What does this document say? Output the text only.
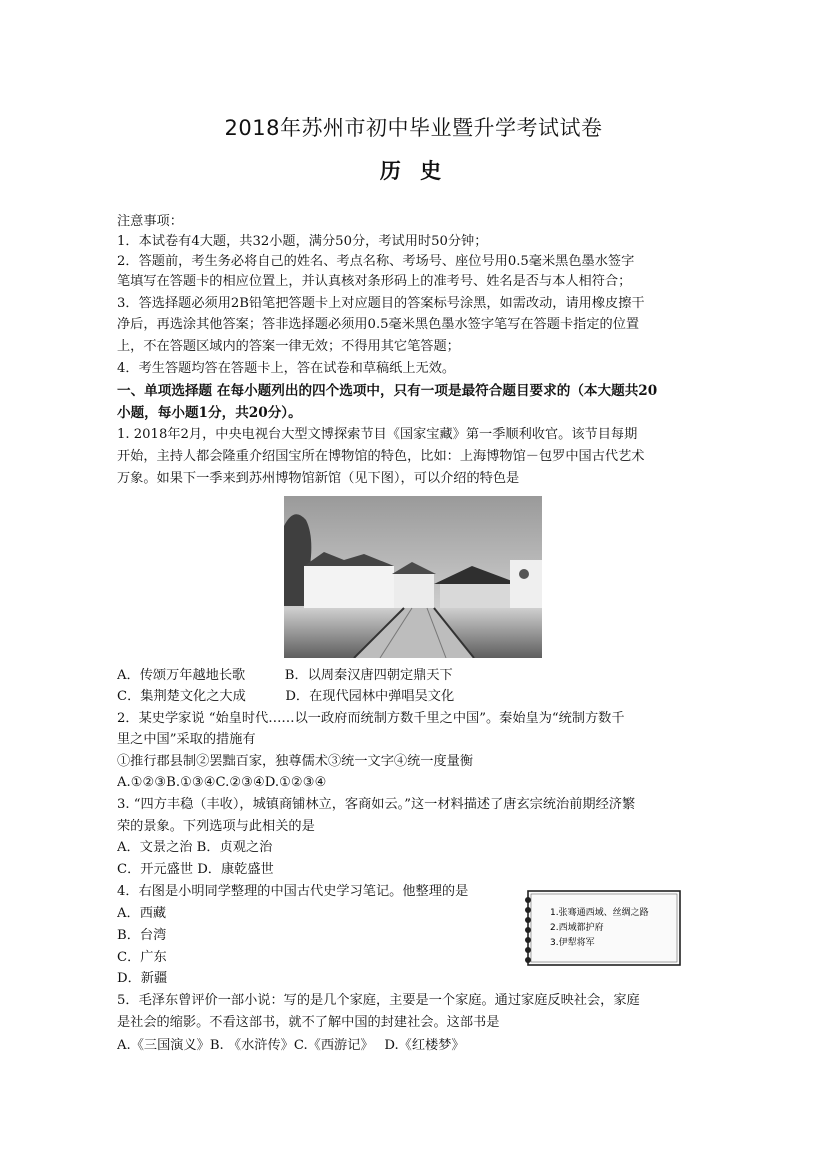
2018年苏州市初中毕业暨升学考试试卷
历 史
注意事项：
1．本试卷有4大题，共32小题，满分50分，考试用时50分钟；
2．答题前，考生务必将自己的姓名、考点名称、考场号、座位号用0.5毫米黑色墨水签字
笔填写在答题卡的相应位置上，并认真核对条形码上的准考号、姓名是否与本人相符合；
3．答选择题必须用2B铅笔把答题卡上对应题目的答案标号涂黑，如需改动，请用橡皮擦干
净后，再选涂其他答案；答非选择题必须用0.5毫米黑色墨水签字笔写在答题卡指定的位置
上，不在答题区域内的答案一律无效；不得用其它笔答题；
4．考生答题均答在答题卡上，答在试卷和草稿纸上无效。
一、单项选择题 在每小题列出的四个选项中，只有一项是最符合题目要求的（本大题共20
小题，每小题1分，共20分）。
1. 2018年2月，中央电视台大型文博探索节目《国家宝藏》第一季顺利收官。该节目每期
开始，主持人都会隆重介绍国宝所在博物馆的特色，比如：上海博物馆－包罗中国古代艺术
万象。如果下一季来到苏州博物馆新馆（见下图），可以介绍的特色是
A．传颂万年越地长歌　　　B．以周秦汉唐四朝定鼎天下
C．集荆楚文化之大成　　　D．在现代园林中弹唱吴文化
2．某史学家说 “始皇时代……以一政府而统制方数千里之中国”。秦始皇为“统制方数千
里之中国”采取的措施有
①推行郡县制②罢黜百家，独尊儒术③统一文字④统一度量衡
A.①②③B.①③④C.②③④D.①②③④
3. “四方丰稳（丰收），城镇商铺林立，客商如云。”这一材料描述了唐玄宗统治前期经济繁
荣的景象。下列选项与此相关的是
A．文景之治 B．贞观之治
C．开元盛世 D．康乾盛世
4．右图是小明同学整理的中国古代史学习笔记。他整理的是
A．西藏
B．台湾
C．广东
D．新疆
1.张骞通西域、丝绸之路
2.西域都护府
3.伊犁将军
5．毛泽东曾评价一部小说：写的是几个家庭，主要是一个家庭。通过家庭反映社会，家庭
是社会的缩影。不看这部书，就不了解中国的封建社会。这部书是
A.《三国演义》B. 《水浒传》C.《西游记》　 D.《红楼梦》
